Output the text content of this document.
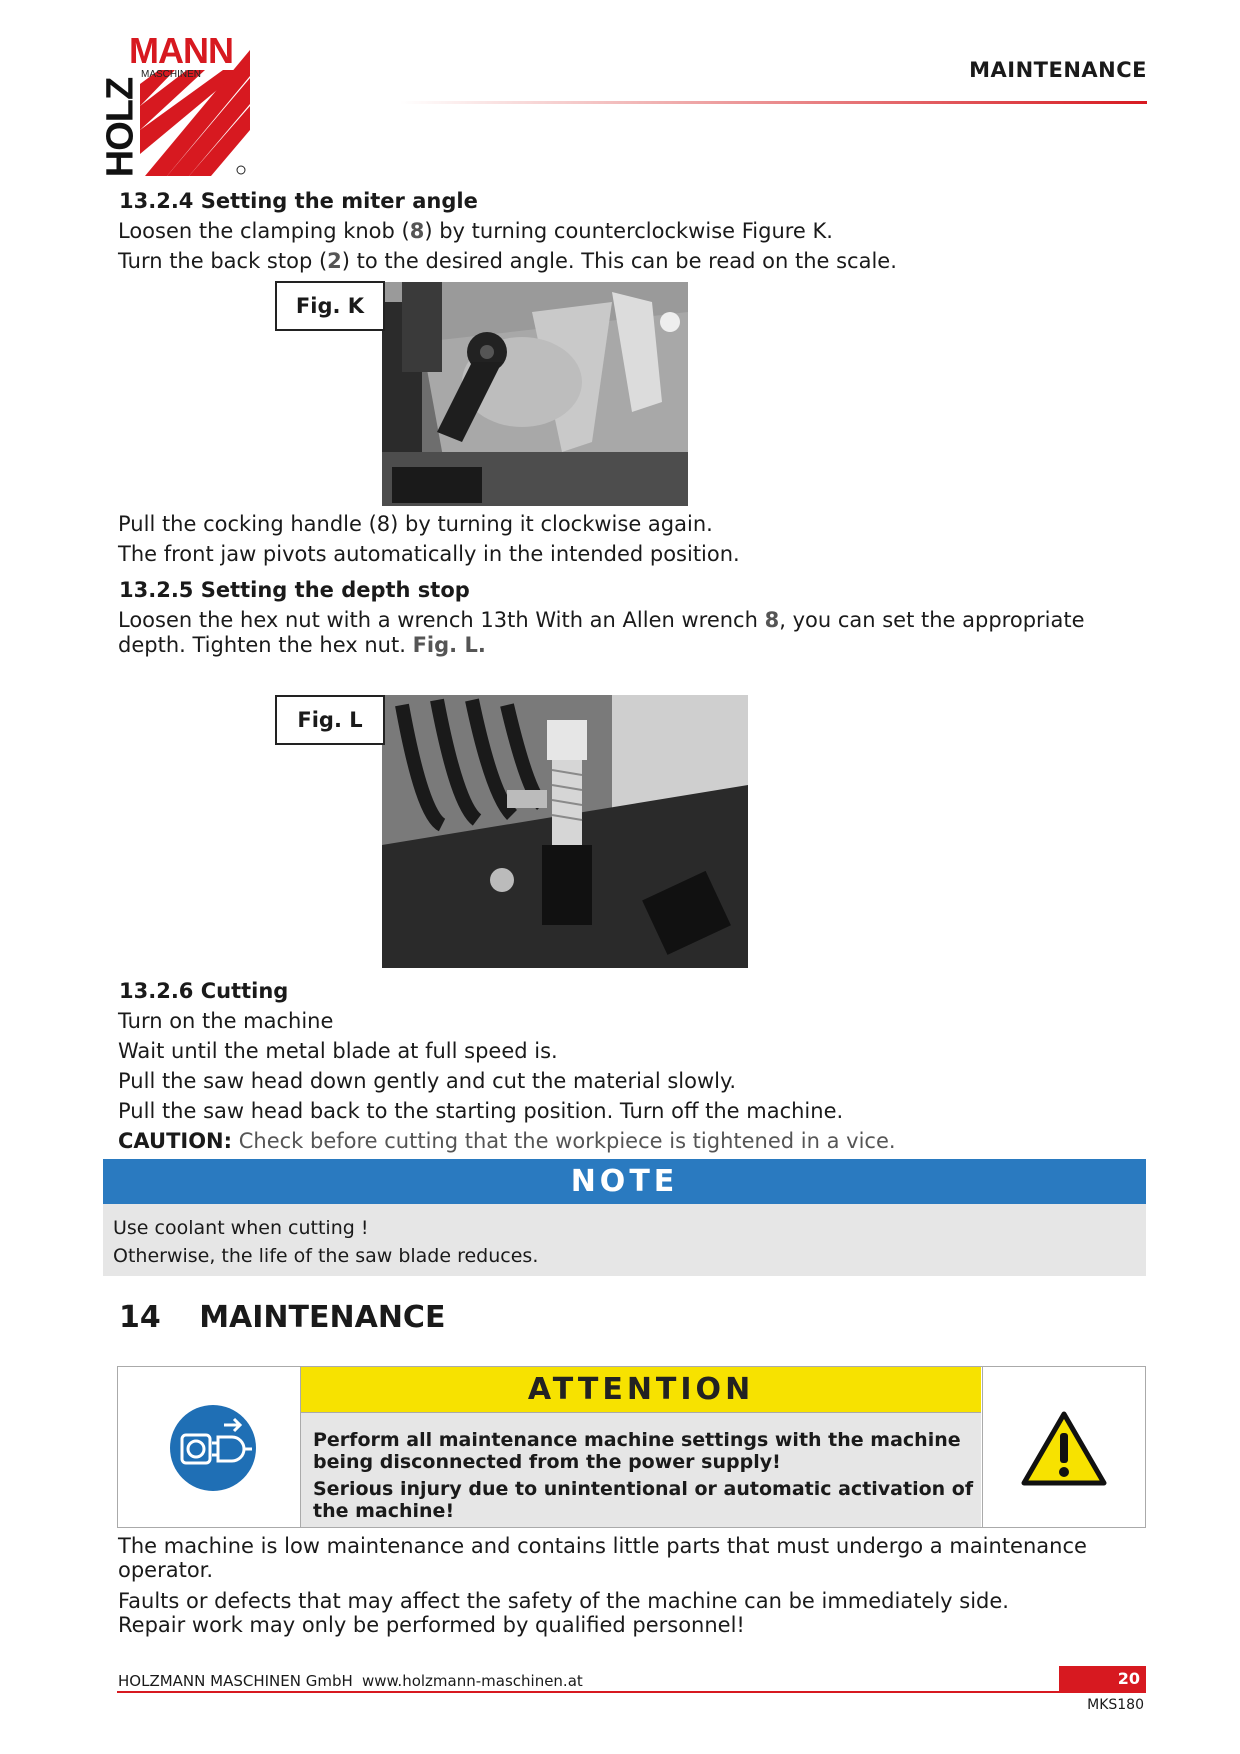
MANN
MASCHINEN
HOLZ
MAINTENANCE
13.2.4 Setting the miter angle
Loosen the clamping knob (8) by turning counterclockwise Figure K.
Turn the back stop (2) to the desired angle. This can be read on the scale.
Fig. K
Pull the cocking handle (8) by turning it clockwise again.
The front jaw pivots automatically in the intended position.
13.2.5 Setting the depth stop
Loosen the hex nut with a wrench 13th With an Allen wrench 8, you can set the appropriate
depth. Tighten the hex nut. Fig. L.
Fig. L
13.2.6 Cutting
Turn on the machine
Wait until the metal blade at full speed is.
Pull the saw head down gently and cut the material slowly.
Pull the saw head back to the starting position. Turn off the machine.
CAUTION: Check before cutting that the workpiece is tightened in a vice.
NOTE
Use coolant when cutting !
Otherwise, the life of the saw blade reduces.
14 MAINTENANCE
ATTENTION
Perform all maintenance machine settings with the machine
being disconnected from the power supply!
Serious injury due to unintentional or automatic activation of
the machine!
The machine is low maintenance and contains little parts that must undergo a maintenance
operator.
Faults or defects that may affect the safety of the machine can be immediately side.
Repair work may only be performed by qualified personnel!
HOLZMANN MASCHINEN GmbH www.holzmann-maschinen.at	20
MKS180
